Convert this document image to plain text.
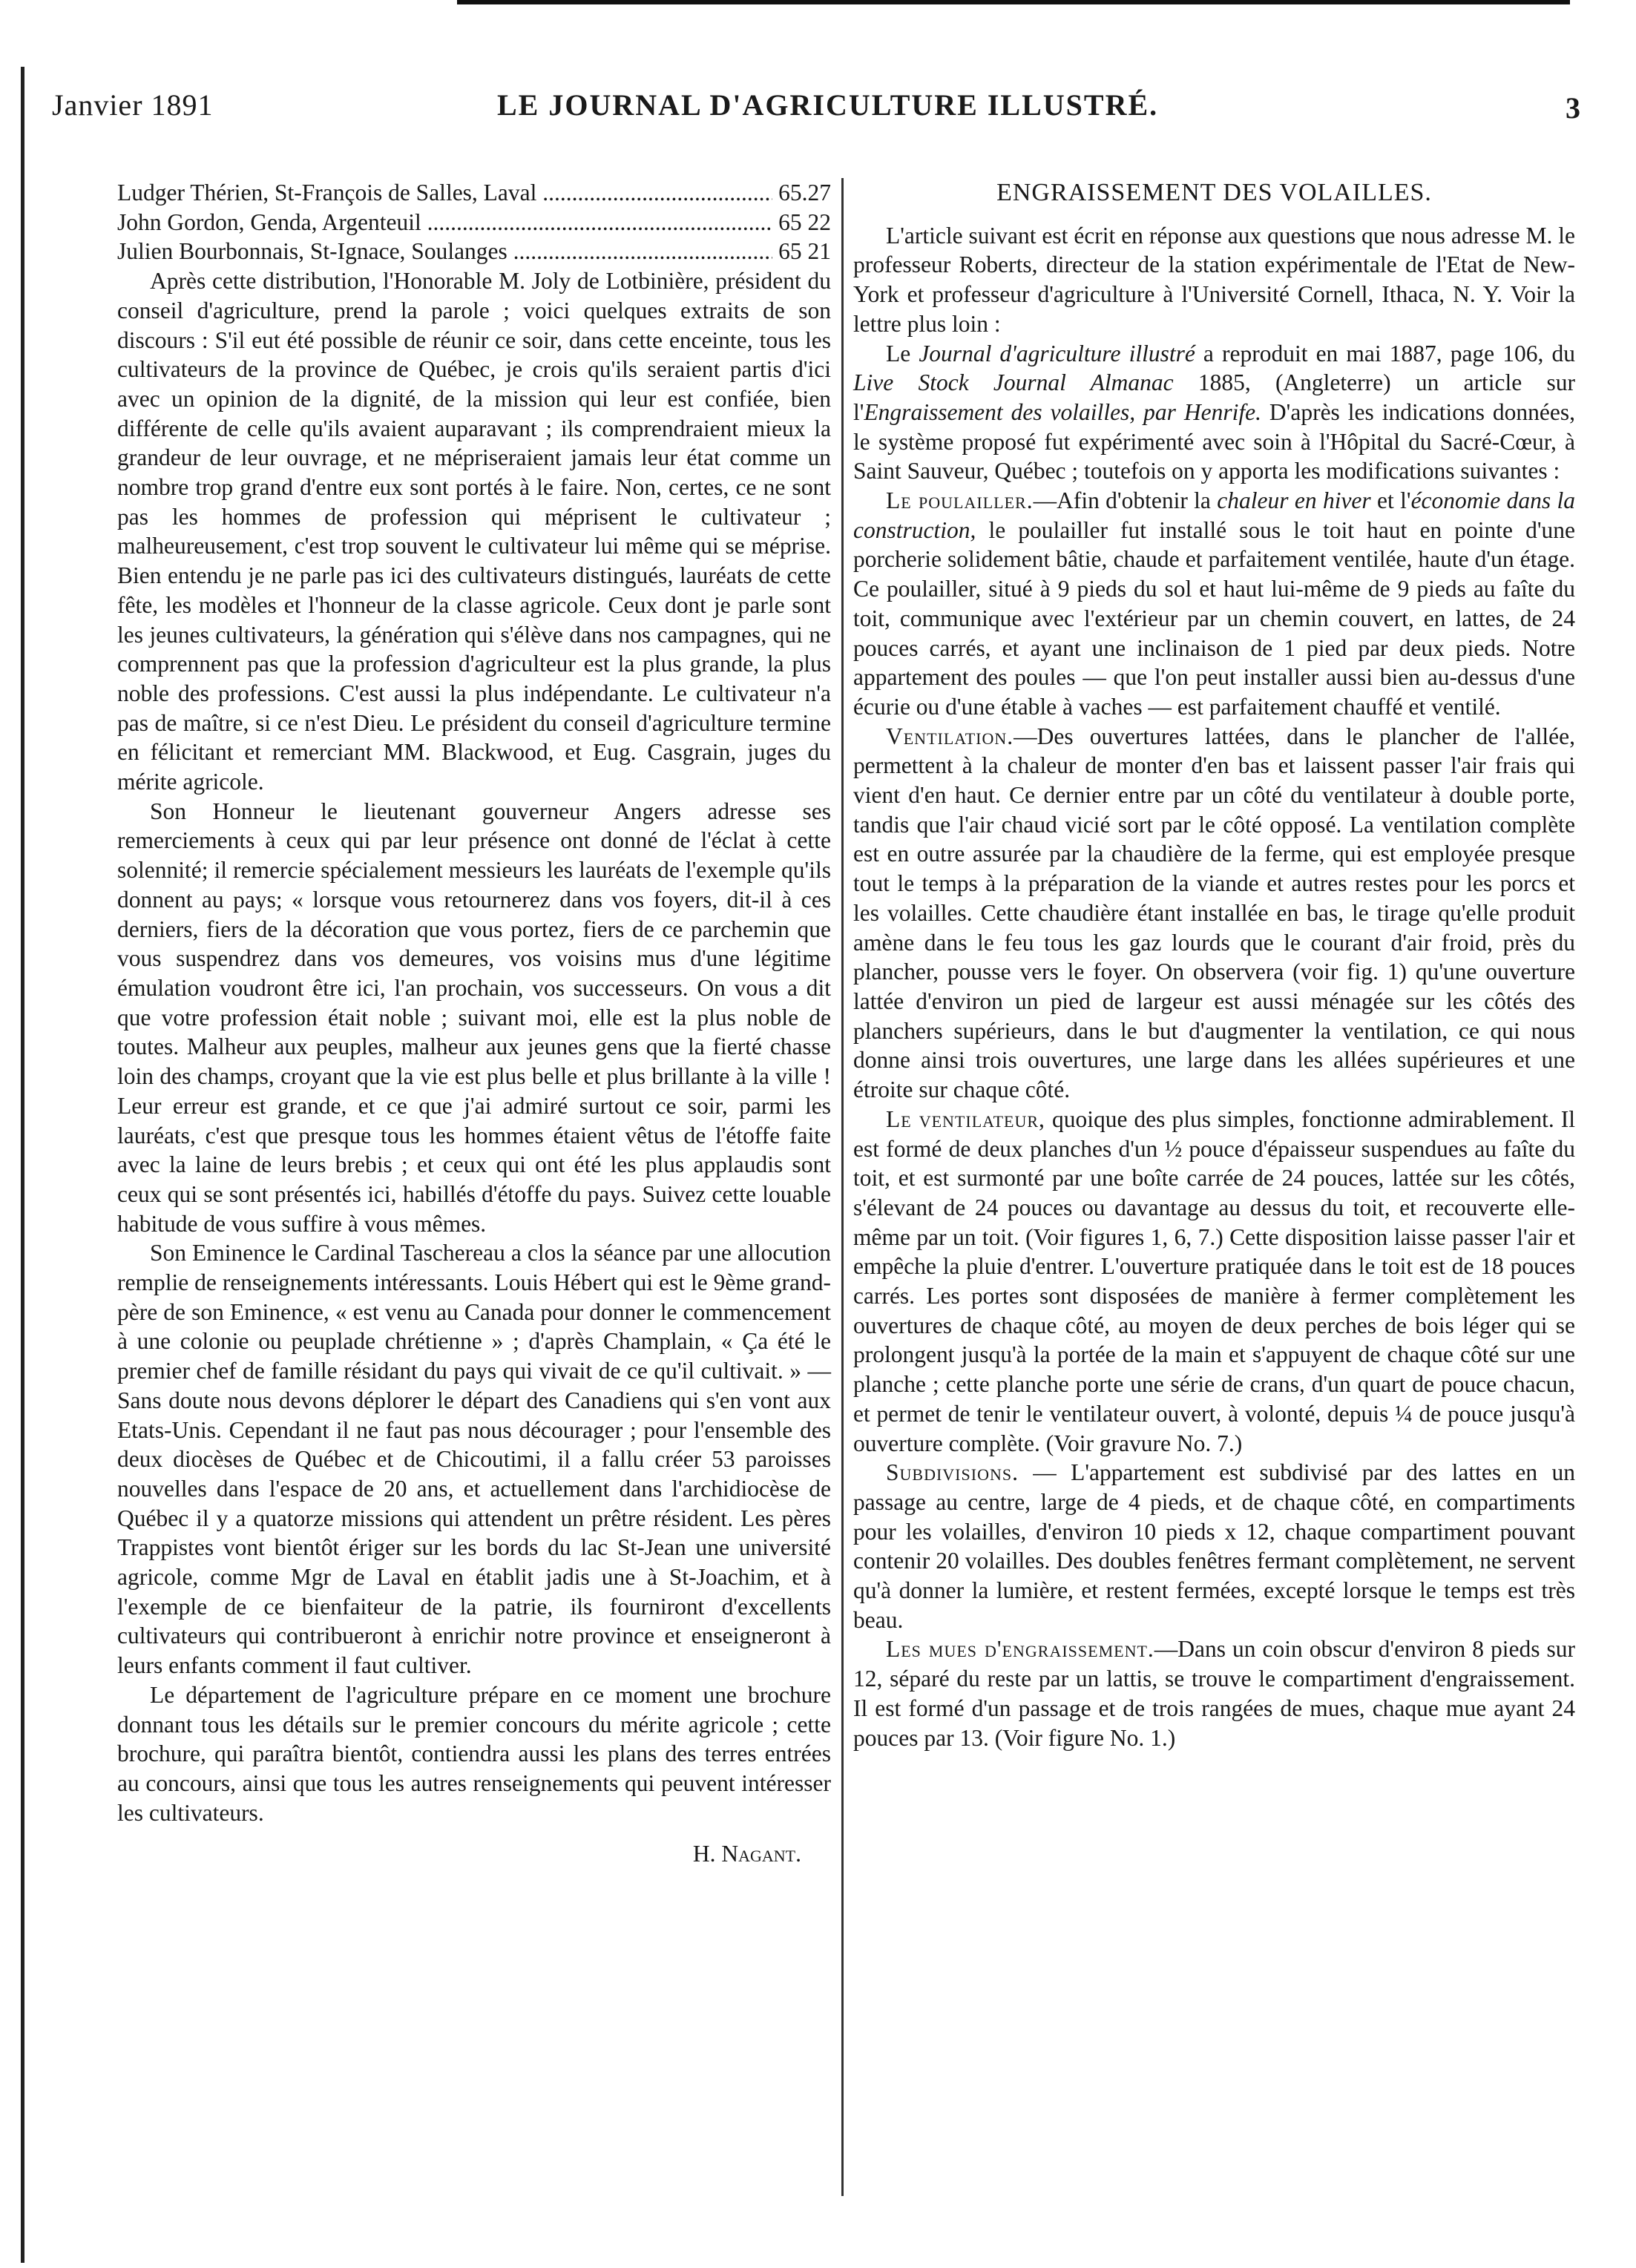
Janvier 1891	LE JOURNAL D'AGRICULTURE ILLUSTRÉ.	3
Ludger Thérien, St-François de Salles, Laval .....	65.27
John Gordon, Genda, Argenteuil .....	65 22
Julien Bourbonnais, St-Ignace, Soulanges .....	65 21

Après cette distribution, l'Honorable M. Joly de Lotbinière, président du conseil d'agriculture, prend la parole ; voici quelques extraits de son discours : S'il eut été possible de réunir ce soir, dans cette enceinte, tous les cultivateurs de la province de Québec, je crois qu'ils seraient partis d'ici avec un opinion de la dignité, de la mission qui leur est confiée, bien différente de celle qu'ils avaient auparavant ; ils comprendraient mieux la grandeur de leur ouvrage, et ne mépriseraient jamais leur état comme un nombre trop grand d'entre eux sont portés à le faire. Non, certes, ce ne sont pas les hommes de profession qui méprisent le cultivateur ; malheureusement, c'est trop souvent le cultivateur lui même qui se méprise. Bien entendu je ne parle pas ici des cultivateurs distingués, lauréats de cette fête, les modèles et l'honneur de la classe agricole. Ceux dont je parle sont les jeunes cultivateurs, la génération qui s'élève dans nos campagnes, qui ne comprennent pas que la profession d'agriculteur est la plus grande, la plus noble des professions. C'est aussi la plus indépendante. Le cultivateur n'a pas de maître, si ce n'est Dieu. Le président du conseil d'agriculture termine en félicitant et remerciant MM. Blackwood, et Eug. Casgrain, juges du mérite agricole.

Son Honneur le lieutenant gouverneur Angers adresse ses remerciements à ceux qui par leur présence ont donné de l'éclat à cette solennité; il remercie spécialement messieurs les lauréats de l'exemple qu'ils donnent au pays; « lorsque vous retournerez dans vos foyers, dit-il à ces derniers, fiers de la décoration que vous portez, fiers de ce parchemin que vous suspendrez dans vos demeures, vos voisins mus d'une légitime émulation voudront être ici, l'an prochain, vos successeurs. On vous a dit que votre profession était noble ; suivant moi, elle est la plus noble de toutes. Malheur aux peuples, malheur aux jeunes gens que la fierté chasse loin des champs, croyant que la vie est plus belle et plus brillante à la ville ! Leur erreur est grande, et ce que j'ai admiré surtout ce soir, parmi les lauréats, c'est que presque tous les hommes étaient vêtus de l'étoffe faite avec la laine de leurs brebis ; et ceux qui ont été les plus applaudis sont ceux qui se sont présentés ici, habillés d'étoffe du pays. Suivez cette louable habitude de vous suffire à vous mêmes.

Son Eminence le Cardinal Taschereau a clos la séance par une allocution remplie de renseignements intéressants. Louis Hébert qui est le 9ème grand-père de son Eminence, « est venu au Canada pour donner le commencement à une colonie ou peuplade chrétienne » ; d'après Champlain, « Ça été le premier chef de famille résidant du pays qui vivait de ce qu'il cultivait. » — Sans doute nous devons déplorer le départ des Canadiens qui s'en vont aux Etats-Unis. Cependant il ne faut pas nous décourager ; pour l'ensemble des deux diocèses de Québec et de Chicoutimi, il a fallu créer 53 paroisses nouvelles dans l'espace de 20 ans, et actuellement dans l'archidiocèse de Québec il y a quatorze missions qui attendent un prêtre résident. Les pères Trappistes vont bientôt ériger sur les bords du lac St-Jean une université agricole, comme Mgr de Laval en établit jadis une à St-Joachim, et à l'exemple de ce bienfaiteur de la patrie, ils fourniront d'excellents cultivateurs qui contribueront à enrichir notre province et enseigneront à leurs enfants comment il faut cultiver.

Le département de l'agriculture prépare en ce moment une brochure donnant tous les détails sur le premier concours du mérite agricole ; cette brochure, qui paraîtra bientôt, contiendra aussi les plans des terres entrées au concours, ainsi que tous les autres renseignements qui peuvent intéresser les cultivateurs.

H. Nagant.

ENGRAISSEMENT DES VOLAILLES.

L'article suivant est écrit en réponse aux questions que nous adresse M. le professeur Roberts, directeur de la station expérimentale de l'Etat de New-York et professeur d'agriculture à l'Université Cornell, Ithaca, N. Y. Voir la lettre plus loin :

Le Journal d'agriculture illustré a reproduit en mai 1887, page 106, du Live Stock Journal Almanac 1885, (Angleterre) un article sur l'Engraissement des volailles, par Henrife. D'après les indications données, le système proposé fut expérimenté avec soin à l'Hôpital du Sacré-Cœur, à Saint Sauveur, Québec ; toutefois on y apporta les modifications suivantes :

Le poulailler.—Afin d'obtenir la chaleur en hiver et l'économie dans la construction, le poulailler fut installé sous le toit haut en pointe d'une porcherie solidement bâtie, chaude et parfaitement ventilée, haute d'un étage. Ce poulailler, situé à 9 pieds du sol et haut lui-même de 9 pieds au faîte du toit, communique avec l'extérieur par un chemin couvert, en lattes, de 24 pouces carrés, et ayant une inclinaison de 1 pied par deux pieds. Notre appartement des poules — que l'on peut installer aussi bien au-dessus d'une écurie ou d'une étable à vaches — est parfaitement chauffé et ventilé.

Ventilation.—Des ouvertures lattées, dans le plancher de l'allée, permettent à la chaleur de monter d'en bas et laissent passer l'air frais qui vient d'en haut. Ce dernier entre par un côté du ventilateur à double porte, tandis que l'air chaud vicié sort par le côté opposé. La ventilation complète est en outre assurée par la chaudière de la ferme, qui est employée presque tout le temps à la préparation de la viande et autres restes pour les porcs et les volailles. Cette chaudière étant installée en bas, le tirage qu'elle produit amène dans le feu tous les gaz lourds que le courant d'air froid, près du plancher, pousse vers le foyer. On observera (voir fig. 1) qu'une ouverture lattée d'environ un pied de largeur est aussi ménagée sur les côtés des planchers supérieurs, dans le but d'augmenter la ventilation, ce qui nous donne ainsi trois ouvertures, une large dans les allées supérieures et une étroite sur chaque côté.

Le ventilateur, quoique des plus simples, fonctionne admirablement. Il est formé de deux planches d'un ½ pouce d'épaisseur suspendues au faîte du toit, et est surmonté par une boîte carrée de 24 pouces, lattée sur les côtés, s'élevant de 24 pouces ou davantage au dessus du toit, et recouverte elle-même par un toit. (Voir figures 1, 6, 7.) Cette disposition laisse passer l'air et empêche la pluie d'entrer. L'ouverture pratiquée dans le toit est de 18 pouces carrés. Les portes sont disposées de manière à fermer complètement les ouvertures de chaque côté, au moyen de deux perches de bois léger qui se prolongent jusqu'à la portée de la main et s'appuyent de chaque côté sur une planche ; cette planche porte une série de crans, d'un quart de pouce chacun, et permet de tenir le ventilateur ouvert, à volonté, depuis ¼ de pouce jusqu'à ouverture complète. (Voir gravure No. 7.)

Subdivisions. — L'appartement est subdivisé par des lattes en un passage au centre, large de 4 pieds, et de chaque côté, en compartiments pour les volailles, d'environ 10 pieds x 12, chaque compartiment pouvant contenir 20 volailles. Des doubles fenêtres fermant complètement, ne servent qu'à donner la lumière, et restent fermées, excepté lorsque le temps est très beau.

Les mues d'engraissement.—Dans un coin obscur d'environ 8 pieds sur 12, séparé du reste par un lattis, se trouve le compartiment d'engraissement. Il est formé d'un passage et de trois rangées de mues, chaque mue ayant 24 pouces par 13. (Voir figure No. 1.)
